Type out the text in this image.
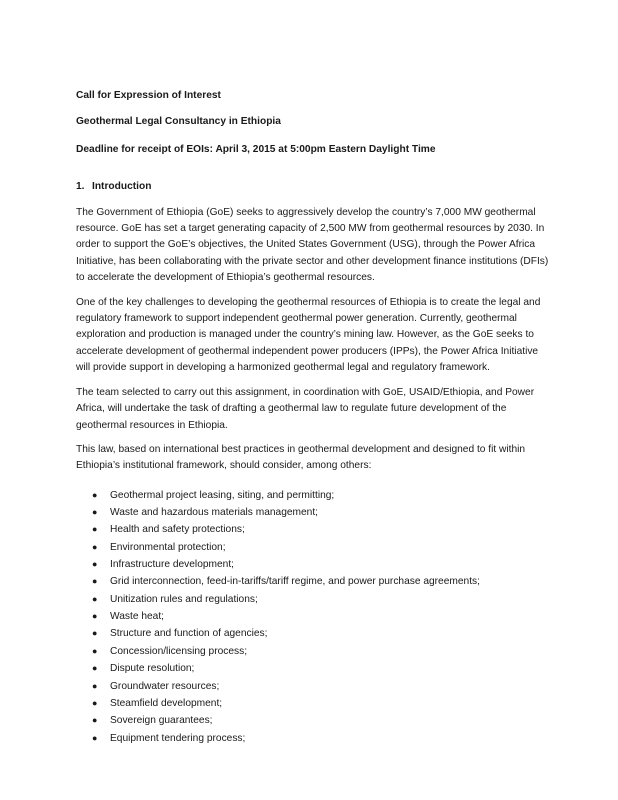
Call for Expression of Interest
Geothermal Legal Consultancy in Ethiopia
Deadline for receipt of EOIs: April 3, 2015 at 5:00pm Eastern Daylight Time
1. Introduction

The Government of Ethiopia (GoE) seeks to aggressively develop the country’s 7,000 MW geothermal resource. GoE has set a target generating capacity of 2,500 MW from geothermal resources by 2030. In order to support the GoE’s objectives, the United States Government (USG), through the Power Africa Initiative, has been collaborating with the private sector and other development finance institutions (DFIs) to accelerate the development of Ethiopia’s geothermal resources.

One of the key challenges to developing the geothermal resources of Ethiopia is to create the legal and regulatory framework to support independent geothermal power generation. Currently, geothermal exploration and production is managed under the country’s mining law. However, as the GoE seeks to accelerate development of geothermal independent power producers (IPPs), the Power Africa Initiative will provide support in developing a harmonized geothermal legal and regulatory framework.

The team selected to carry out this assignment, in coordination with GoE, USAID/Ethiopia, and Power Africa, will undertake the task of drafting a geothermal law to regulate future development of the geothermal resources in Ethiopia.

This law, based on international best practices in geothermal development and designed to fit within Ethiopia’s institutional framework, should consider, among others:

●	Geothermal project leasing, siting, and permitting;
●	Waste and hazardous materials management;
●	Health and safety protections;
●	Environmental protection;
●	Infrastructure development;
●	Grid interconnection, feed-in-tariffs/tariff regime, and power purchase agreements;
●	Unitization rules and regulations;
●	Waste heat;
●	Structure and function of agencies;
●	Concession/licensing process;
●	Dispute resolution;
●	Groundwater resources;
●	Steamfield development;
●	Sovereign guarantees;
●	Equipment tendering process;
